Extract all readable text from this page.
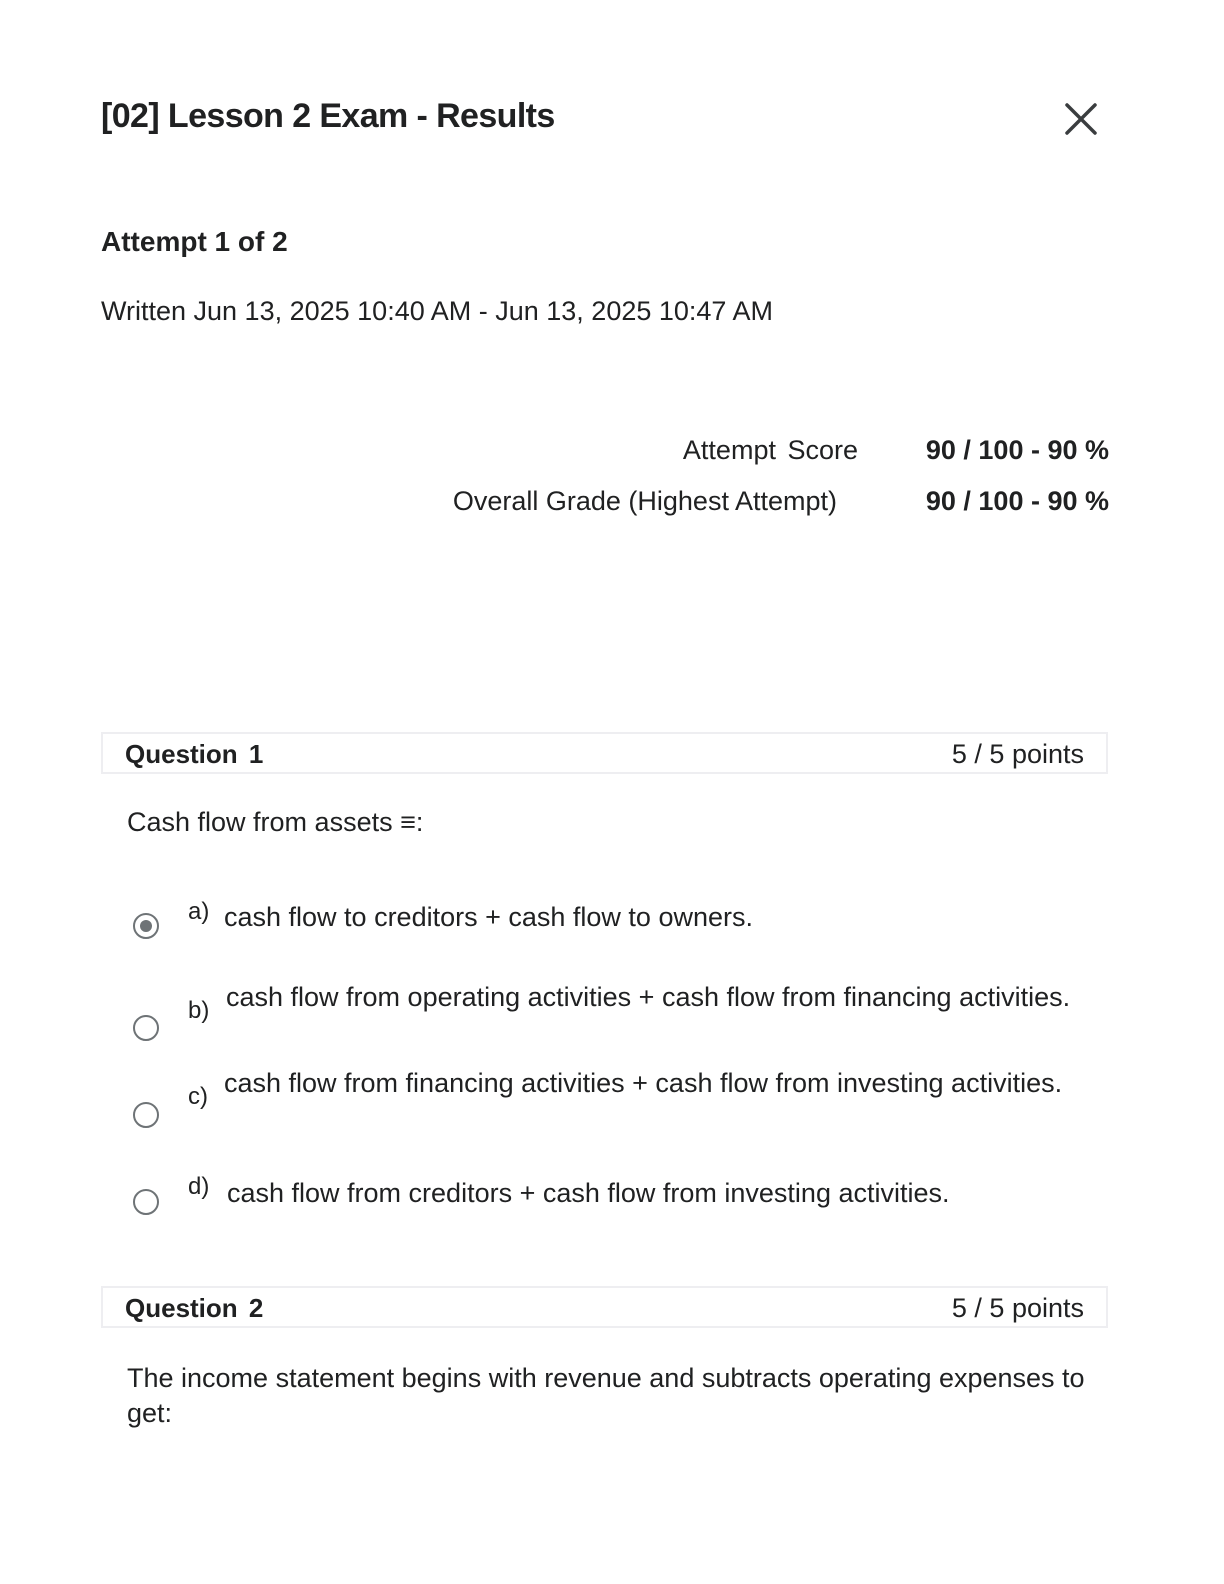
[02] Lesson 2 Exam - Results
Attempt 1 of 2

Written Jun 13, 2025 10:40 AM - Jun 13, 2025 10:47 AM

Attempt Score	90 / 100 - 90 %
Overall Grade (Highest Attempt)	90 / 100 - 90 %
Question 1	5 / 5 points

Cash flow from assets ≡:

a) cash flow to creditors + cash flow to owners.
b) cash flow from operating activities + cash flow from financing activities.
c) cash flow from financing activities + cash flow from investing activities.
d) cash flow from creditors + cash flow from investing activities.
Question 2	5 / 5 points

The income statement begins with revenue and subtracts operating expenses to get:
